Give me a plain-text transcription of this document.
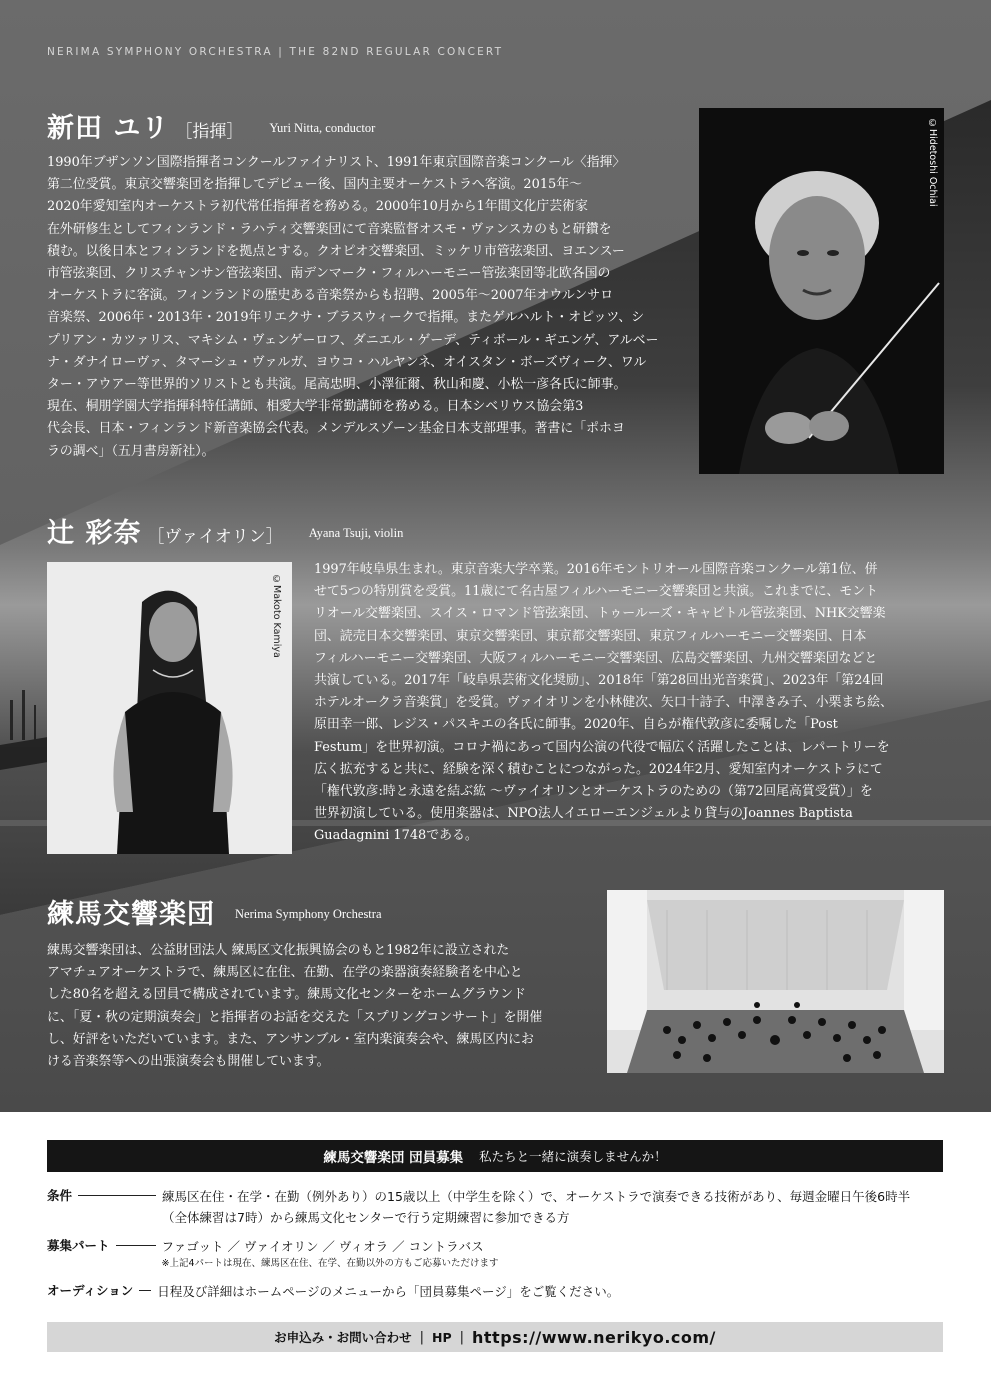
NERIMA SYMPHONY ORCHESTRA | THE 82ND REGULAR CONCERT
新田 ユリ ［指揮］ Yuri Nitta, conductor

1990年ブザンソン国際指揮者コンクールファイナリスト、1991年東京国際音楽コンクール〈指揮〉

第二位受賞。東京交響楽団を指揮してデビュー後、国内主要オーケストラへ客演。2015年〜

2020年愛知室内オーケストラ初代常任指揮者を務める。2000年10月から1年間文化庁芸術家

在外研修生としてフィンランド・ラハティ交響楽団にて音楽監督オスモ・ヴァンスカのもと研鑽を

積む。以後日本とフィンランドを拠点とする。クオピオ交響楽団、ミッケリ市管弦楽団、ヨエンスー

市管弦楽団、クリスチャンサン管弦楽団、南デンマーク・フィルハーモニー管弦楽団等北欧各国の

オーケストラに客演。フィンランドの歴史ある音楽祭からも招聘、2005年〜2007年オウルンサロ

音楽祭、2006年・2013年・2019年リエクサ・ブラスウィークで指揮。またゲルハルト・オピッツ、シ

プリアン・カツァリス、マキシム・ヴェンゲーロフ、ダニエル・ゲーデ、ティボール・ギエンゲ、アルベー

ナ・ダナイローヴァ、タマーシュ・ヴァルガ、ヨウコ・ハルヤンネ、オイスタン・ボーズヴィーク、ワル

ター・アウアー等世界的ソリストとも共演。尾高忠明、小澤征爾、秋山和慶、小松一彦各氏に師事。

現在、桐朋学園大学指揮科特任講師、相愛大学非常勤講師を務める。日本シベリウス協会第3

代会長、日本・フィンランド新音楽協会代表。メンデルスゾーン基金日本支部理事。著書に「ポホヨ

ラの調べ」（五月書房新社）。

©Hidetoshi Ochiai
辻 彩奈 ［ヴァイオリン］ Ayana Tsuji, violin
©Makoto Kamiya

1997年岐阜県生まれ。東京音楽大学卒業。2016年モントリオール国際音楽コンクール第1位、併

せて5つの特別賞を受賞。11歳にて名古屋フィルハーモニー交響楽団と共演。これまでに、モント

リオール交響楽団、スイス・ロマンド管弦楽団、トゥールーズ・キャピトル管弦楽団、NHK交響楽

団、読売日本交響楽団、東京交響楽団、東京都交響楽団、東京フィルハーモニー交響楽団、日本

フィルハーモニー交響楽団、大阪フィルハーモニー交響楽団、広島交響楽団、九州交響楽団などと

共演している。2017年「岐阜県芸術文化奨励」、2018年「第28回出光音楽賞」、2023年「第24回

ホテルオークラ音楽賞」を受賞。ヴァイオリンを小林健次、矢口十詩子、中澤きみ子、小栗まち絵、

原田幸一郎、レジス・パスキエの各氏に師事。2020年、自らが権代敦彦に委嘱した「Post

Festum」を世界初演。コロナ禍にあって国内公演の代役で幅広く活躍したことは、レパートリーを

広く拡充すると共に、経験を深く積むことにつながった。2024年2月、愛知室内オーケストラにて

「権代敦彦:時と永遠を結ぶ紘 〜ヴァイオリンとオーケストラのための（第72回尾高賞受賞）」を

世界初演している。使用楽器は、NPO法人イエローエンジェルより貸与のJoannes Baptista

Guadagnini 1748である。

練馬交響楽団 Nerima Symphony Orchestra

練馬交響楽団は、公益財団法人 練馬区文化振興協会のもと1982年に設立された

アマチュアオーケストラで、練馬区に在住、在勤、在学の楽器演奏経験者を中心と

した80名を超える団員で構成されています。練馬文化センターをホームグラウンド

に、「夏・秋の定期演奏会」と指揮者のお話を交えた「スプリングコンサート」を開催

し、好評をいただいています。また、アンサンブル・室内楽演奏会や、練馬区内にお

ける音楽祭等への出張演奏会も開催しています。

練馬交響楽団 団員募集 私たちと一緒に演奏しませんか！
条件	練馬区在住・在学・在勤（例外あり）の15歳以上（中学生を除く）で、オーケストラで演奏できる技術があり、毎週金曜日午後6時半
（全体練習は7時）から練馬文化センターで行う定期練習に参加できる方
募集パート	ファゴット ／ ヴァイオリン ／ ヴィオラ ／ コントラバス
※上記4パートは現在、練馬区在住、在学、在勤以外の方もご応募いただけます
オーディション 日程及び詳細はホームページのメニューから「団員募集ページ」をご覧ください。
お申込み・お問い合わせ | HP | https://www.nerikyo.com/
